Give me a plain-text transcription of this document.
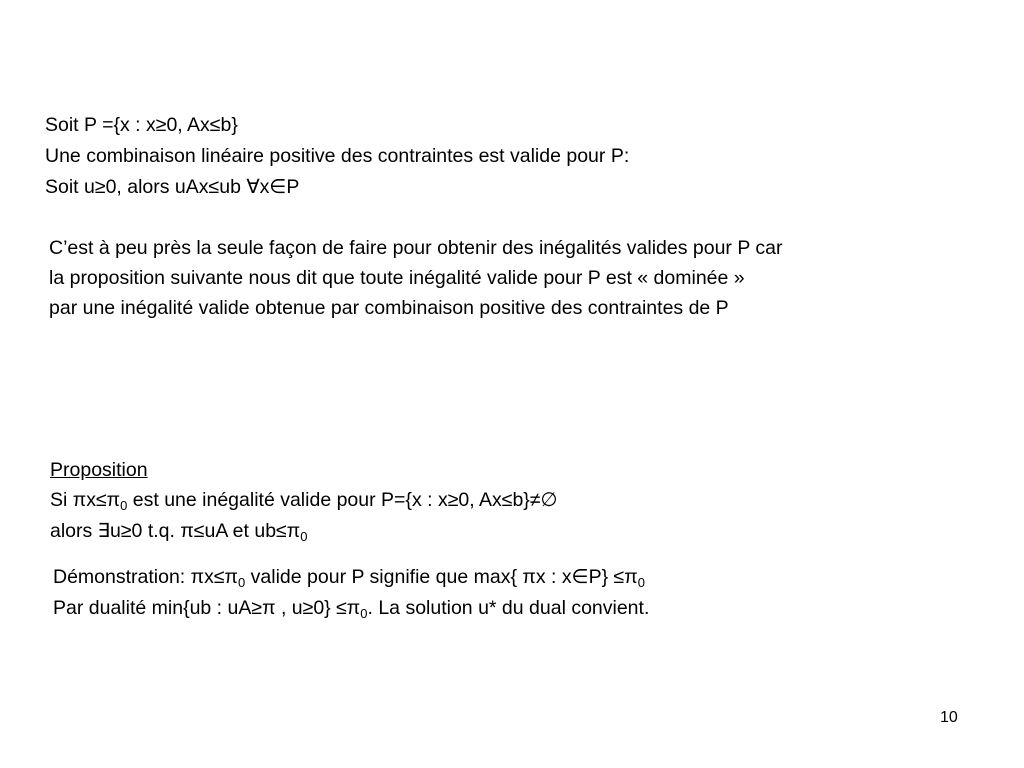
Soit P ={x : x≥0, Ax≤b}
Une combinaison linéaire positive des contraintes est valide pour P:
Soit u≥0, alors uAx≤ub ∀x∈P
C’est à peu près la seule façon de faire pour obtenir des inégalités valides pour P car
la proposition suivante nous dit que toute inégalité valide pour P est « dominée »
par une inégalité valide obtenue par combinaison positive des contraintes de P
Proposition
Si $\pi x\le\pi_0$ est une inégalité valide pour P={x : x≥0, Ax≤b}≠∅
alors ∃u≥0 t.q. π≤uA et $ub\le\pi_0$
Démonstration: $\pi x\le\pi_0$ valide pour P signifie que max{ πx : x∈P} $\le\pi_0$
Par dualité min{ub : uA≥π , $u\ge 0\} \le\pi_0$. La solution u* du dual convient.
10
